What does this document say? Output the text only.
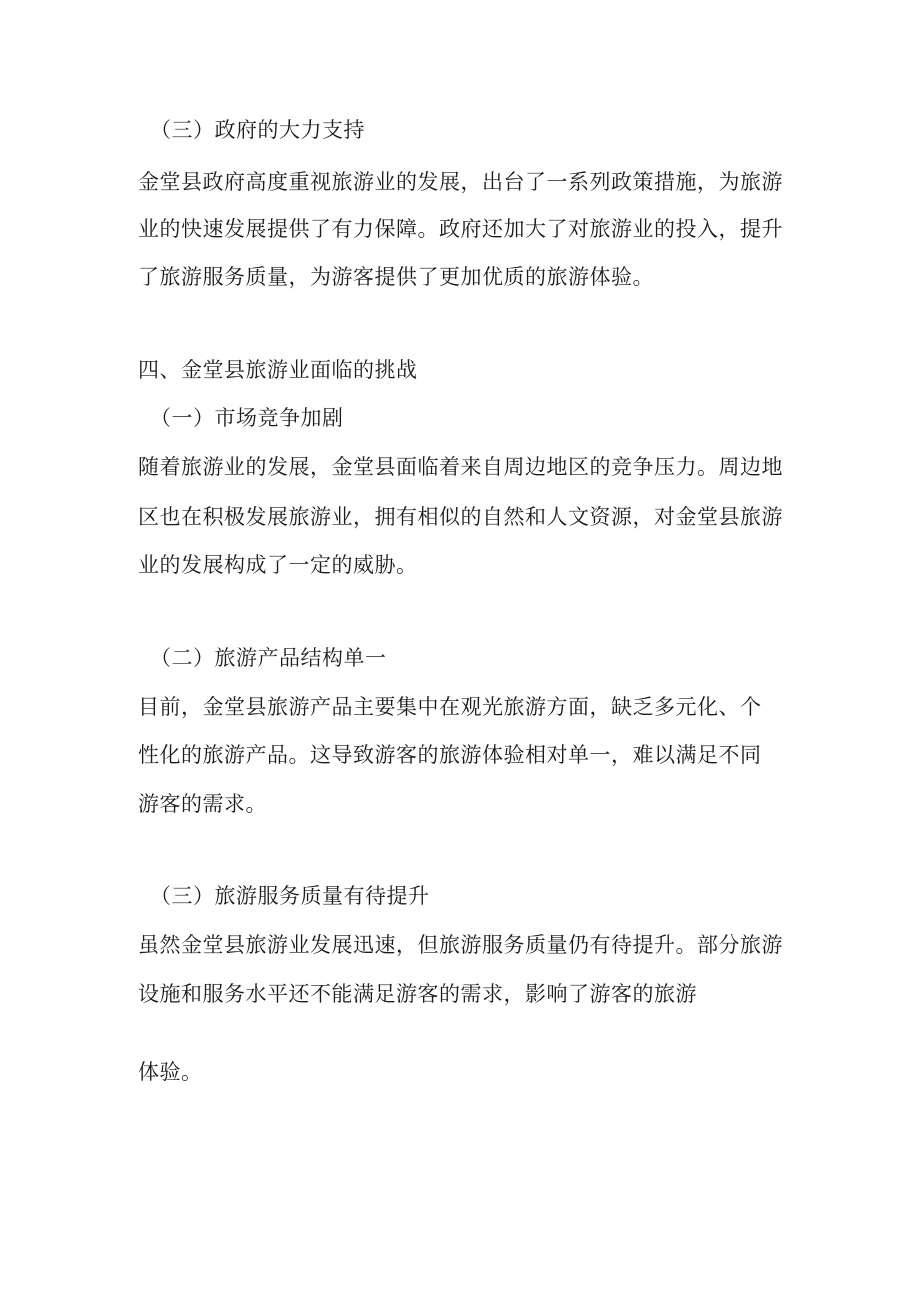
（三）政府的大力支持
金堂县政府高度重视旅游业的发展，出台了一系列政策措施，为旅游
业的快速发展提供了有力保障。政府还加大了对旅游业的投入，提升
了旅游服务质量，为游客提供了更加优质的旅游体验。
四、金堂县旅游业面临的挑战
（一）市场竞争加剧
随着旅游业的发展，金堂县面临着来自周边地区的竞争压力。周边地
区也在积极发展旅游业，拥有相似的自然和人文资源，对金堂县旅游
业的发展构成了一定的威胁。
（二）旅游产品结构单一
目前，金堂县旅游产品主要集中在观光旅游方面，缺乏多元化、个
性化的旅游产品。这导致游客的旅游体验相对单一，难以满足不同
游客的需求。
（三）旅游服务质量有待提升
虽然金堂县旅游业发展迅速，但旅游服务质量仍有待提升。部分旅游
设施和服务水平还不能满足游客的需求，影响了游客的旅游
体验。
